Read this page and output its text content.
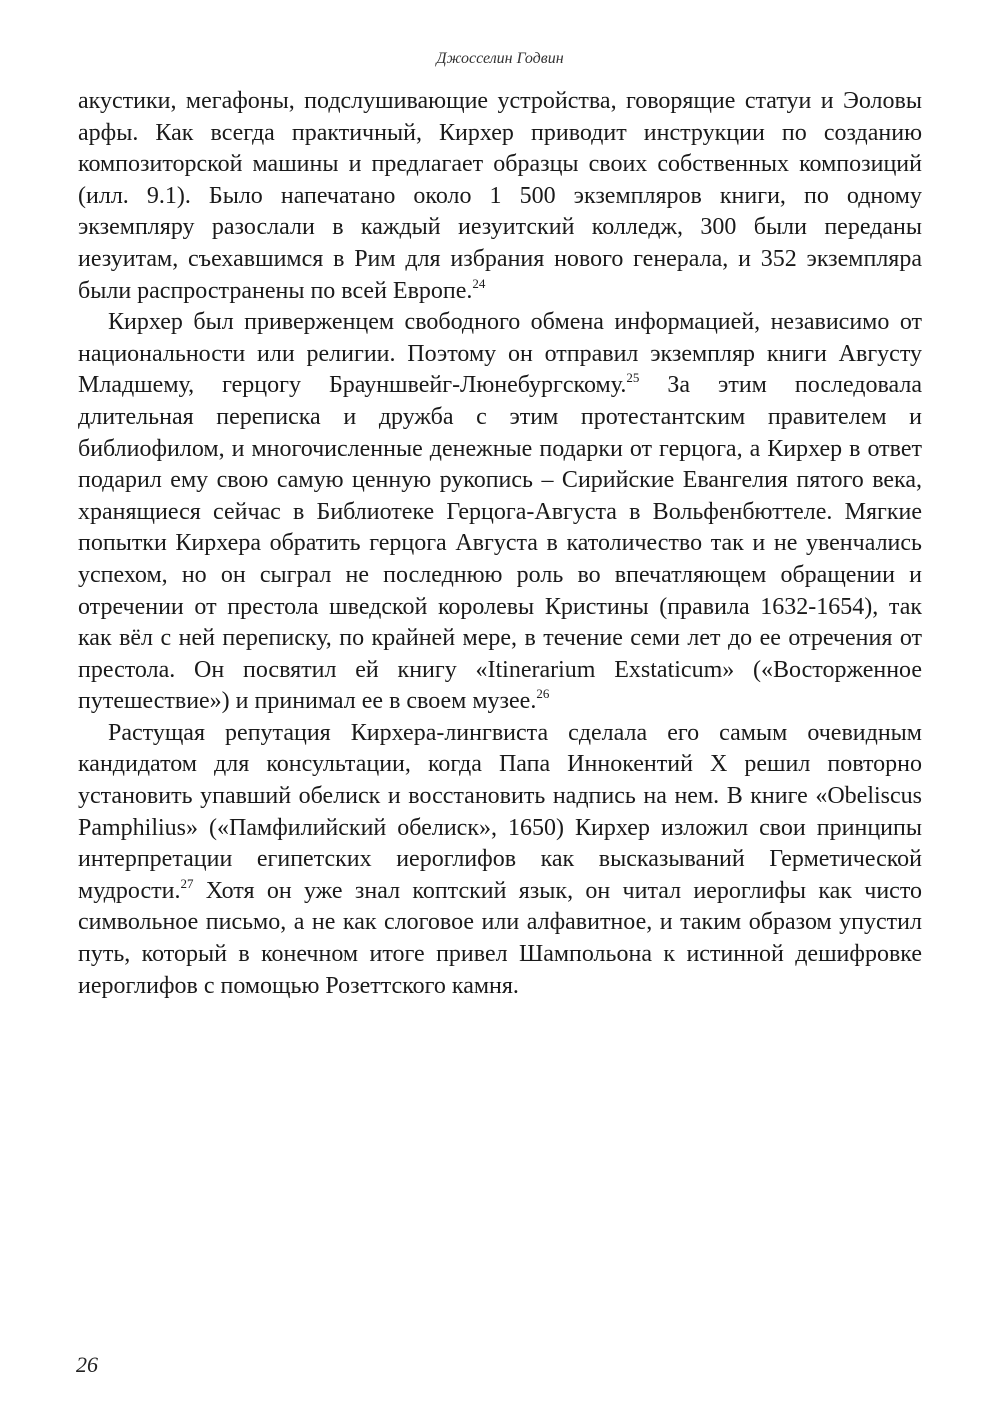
Джосселин Годвин

акустики, мегафоны, подслушивающие устройства, говорящие статуи и Эоловы арфы. Как всегда практичный, Кирхер приводит инструкции по созданию композиторской машины и предлагает образцы своих собственных композиций (илл. 9.1). Было напечатано около 1 500 экземпляров книги, по одному экземпляру разослали в каждый иезуитский колледж, 300 были переданы иезуитам, съехавшимся в Рим для избрания нового генерала, и 352 экземпляра были распространены по всей Европе.$^{24}$

Кирхер был приверженцем свободного обмена информацией, независимо от национальности или религии. Поэтому он отправил экземпляр книги Августу Младшему, герцогу Брауншвейг-Люнебургскому.$^{25}$ За этим последовала длительная переписка и дружба с этим протестантским правителем и библиофилом, и многочисленные денежные подарки от герцога, а Кирхер в ответ подарил ему свою самую ценную рукопись – Сирийские Евангелия пятого века, хранящиеся сейчас в Библиотеке Герцога-Августа в Вольфенбюттеле. Мягкие попытки Кирхера обратить герцога Августа в католичество так и не увенчались успехом, но он сыграл не последнюю роль во впечатляющем обращении и отречении от престола шведской королевы Кристины (правила 1632-1654), так как вёл с ней переписку, по крайней мере, в течение семи лет до ее отречения от престола. Он посвятил ей книгу «Itinerarium Exstaticum» («Восторженное путешествие») и принимал ее в своем музее.$^{26}$

Растущая репутация Кирхера-лингвиста сделала его самым очевидным кандидатом для консультации, когда Папа Иннокентий X решил повторно установить упавший обелиск и восстановить надпись на нем. В книге «Obeliscus Pamphilius» («Памфилийский обелиск», 1650) Кирхер изложил свои принципы интерпретации египетских иероглифов как высказываний Герметической мудрости.$^{27}$ Хотя он уже знал коптский язык, он читал иероглифы как чисто символьное письмо, а не как слоговое или алфавитное, и таким образом упустил путь, который в конечном итоге привел Шампольона к истинной дешифровке иероглифов с помощью Розеттского камня.

26
